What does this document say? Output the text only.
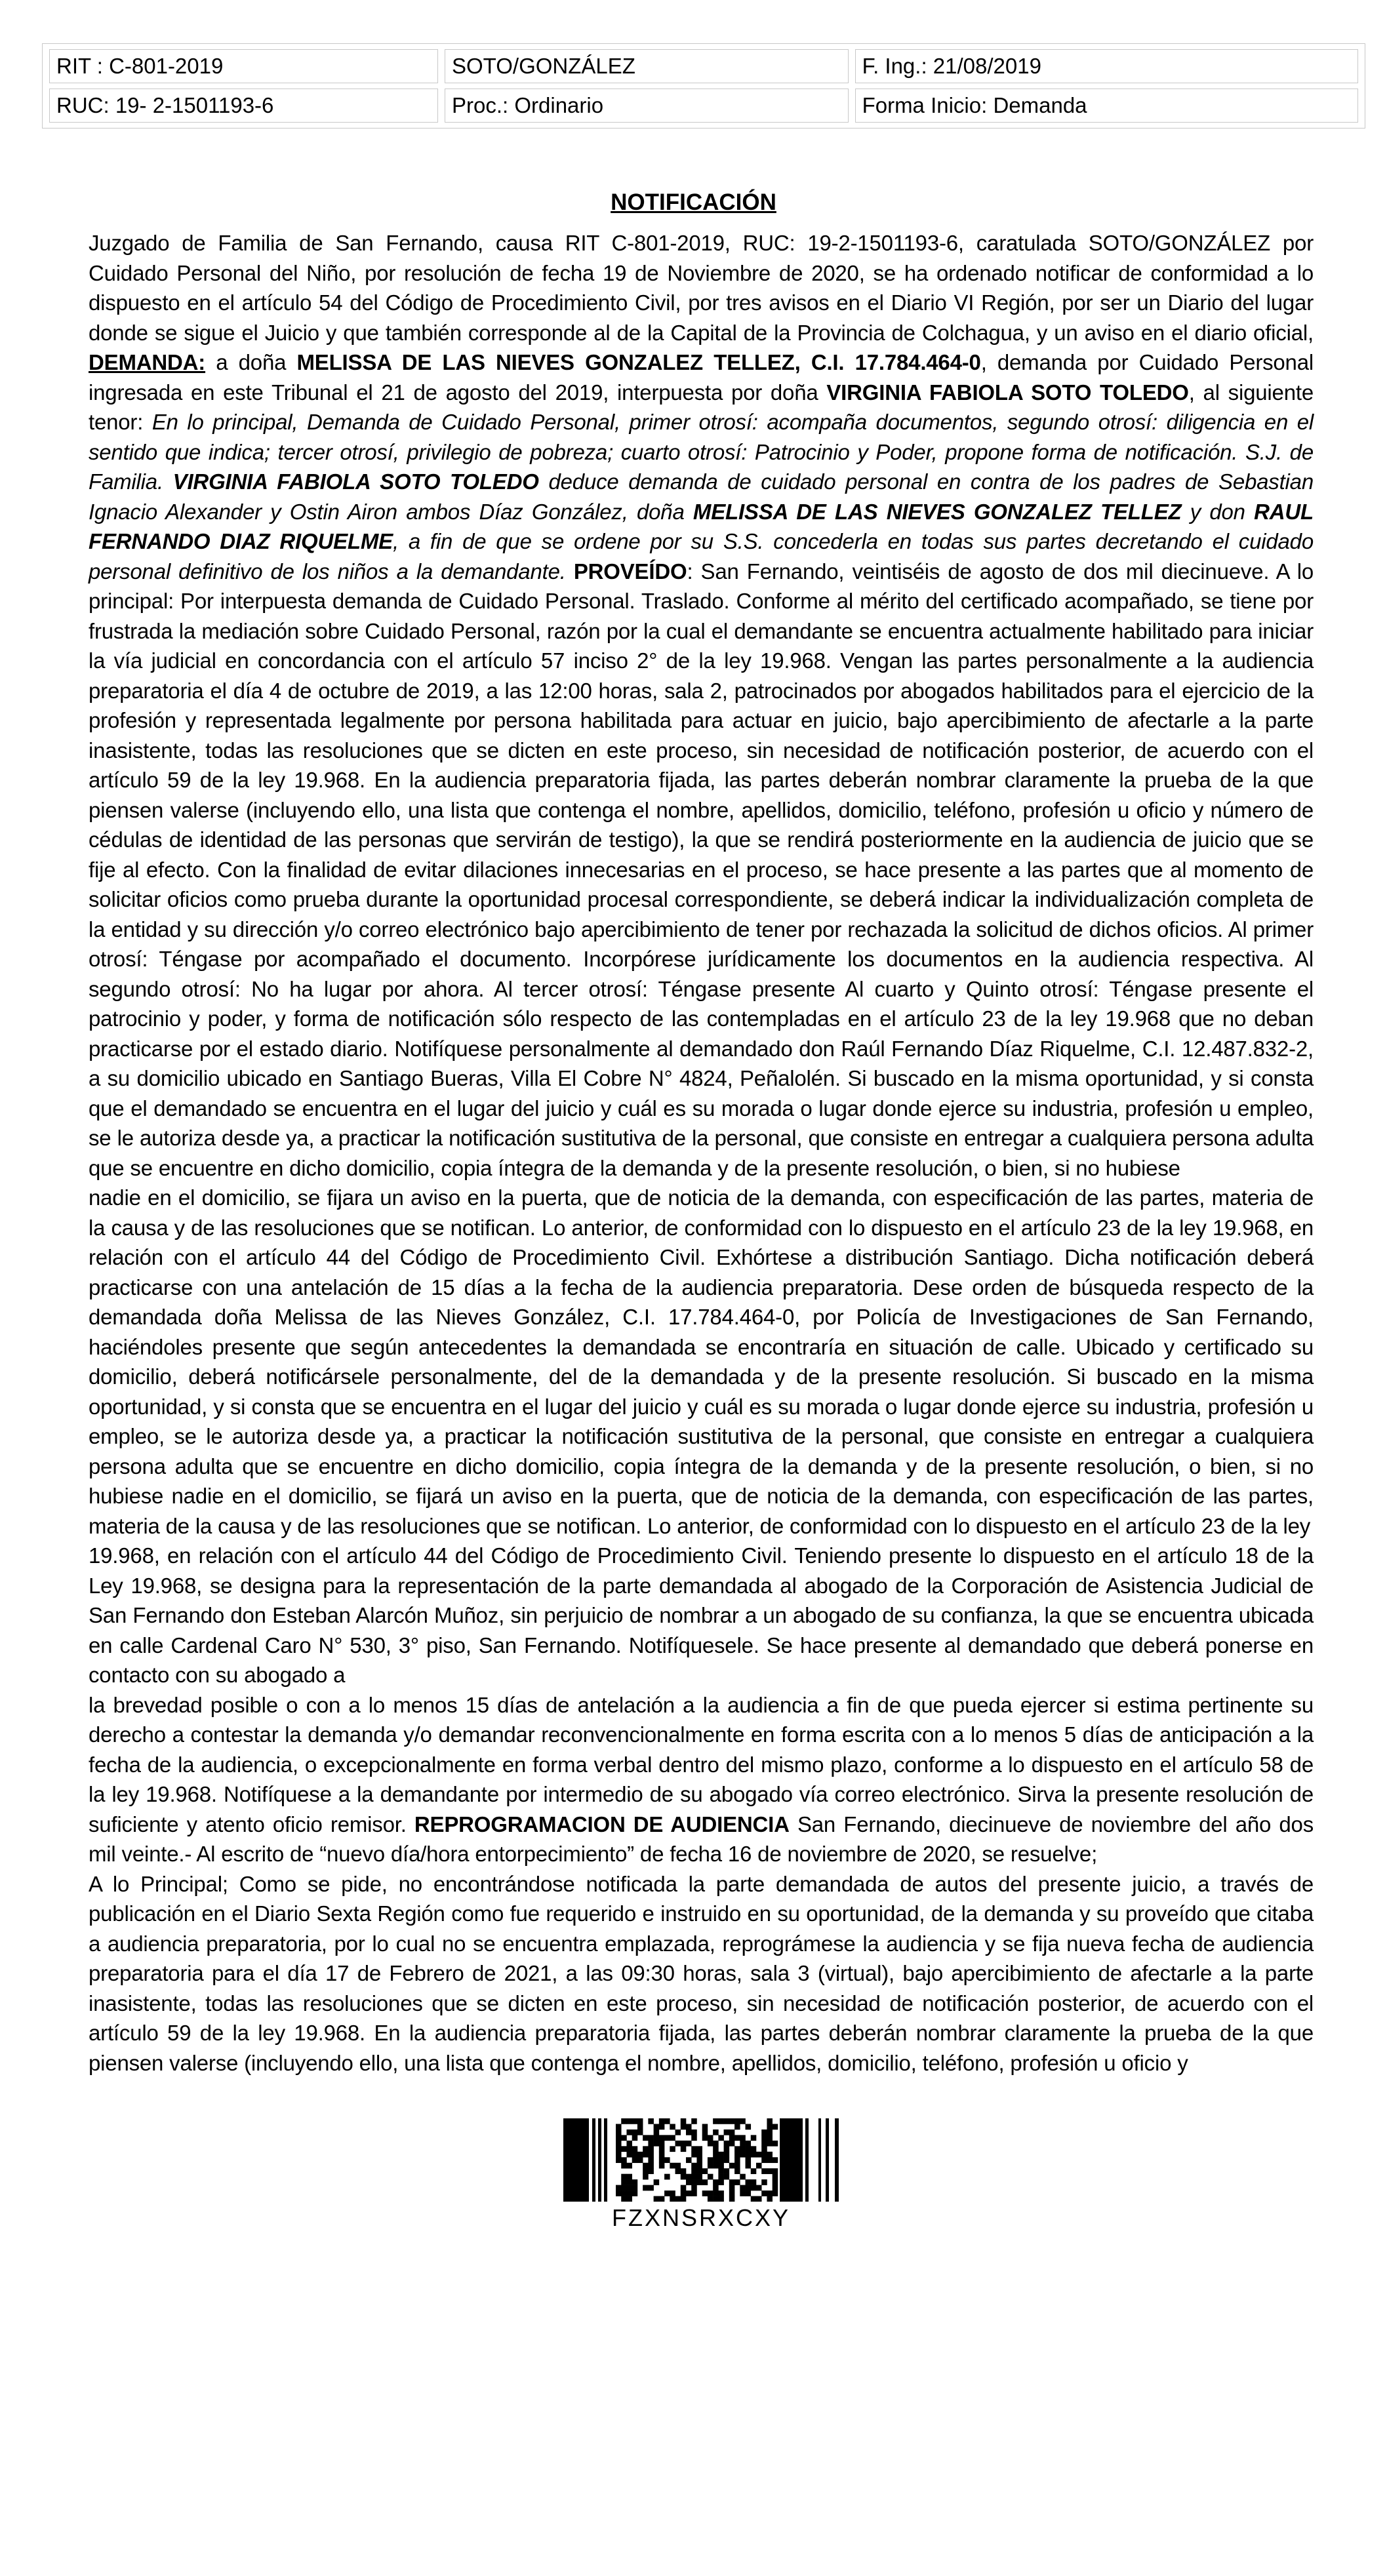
RIT : C-801-2019	SOTO/GONZÁLEZ	F. Ing.: 21/08/2019
RUC: 19- 2-1501193-6	Proc.: Ordinario	Forma Inicio: Demanda
NOTIFICACIÓN

Juzgado de Familia de San Fernando, causa RIT C-801-2019, RUC: 19-2-1501193-6, caratulada SOTO/GONZÁLEZ por Cuidado Personal del Niño, por resolución de fecha 19 de Noviembre de 2020, se ha ordenado notificar de conformidad a lo dispuesto en el artículo 54 del Código de Procedimiento Civil, por tres avisos en el Diario VI Región, por ser un Diario del lugar donde se sigue el Juicio y que también corresponde al de la Capital de la Provincia de Colchagua, y un aviso en el diario oficial, DEMANDA: a doña MELISSA DE LAS NIEVES GONZALEZ TELLEZ, C.I. 17.784.464-0, demanda por Cuidado Personal ingresada en este Tribunal el 21 de agosto del 2019, interpuesta por doña VIRGINIA FABIOLA SOTO TOLEDO, al siguiente tenor: En lo principal, Demanda de Cuidado Personal, primer otrosí: acompaña documentos, segundo otrosí: diligencia en el sentido que indica; tercer otrosí, privilegio de pobreza; cuarto otrosí: Patrocinio y Poder, propone forma de notificación. S.J. de Familia. VIRGINIA FABIOLA SOTO TOLEDO deduce demanda de cuidado personal en contra de los padres de Sebastian Ignacio Alexander y Ostin Airon ambos Díaz González, doña MELISSA DE LAS NIEVES GONZALEZ TELLEZ y don RAUL FERNANDO DIAZ RIQUELME, a fin de que se ordene por su S.S. concederla en todas sus partes decretando el cuidado personal definitivo de los niños a la demandante. PROVEÍDO: San Fernando, veintiséis de agosto de dos mil diecinueve. A lo principal: Por interpuesta demanda de Cuidado Personal. Traslado. Conforme al mérito del certificado acompañado, se tiene por frustrada la mediación sobre Cuidado Personal, razón por la cual el demandante se encuentra actualmente habilitado para iniciar la vía judicial en concordancia con el artículo 57 inciso 2° de la ley 19.968. Vengan las partes personalmente a la audiencia preparatoria el día 4 de octubre de 2019, a las 12:00 horas, sala 2, patrocinados por abogados habilitados para el ejercicio de la profesión y representada legalmente por persona habilitada para actuar en juicio, bajo apercibimiento de afectarle a la parte inasistente, todas las resoluciones que se dicten en este proceso, sin necesidad de notificación posterior, de acuerdo con el artículo 59 de la ley 19.968. En la audiencia preparatoria fijada, las partes deberán nombrar claramente la prueba de la que piensen valerse (incluyendo ello, una lista que contenga el nombre, apellidos, domicilio, teléfono, profesión u oficio y número de cédulas de identidad de las personas que servirán de testigo), la que se rendirá posteriormente en la audiencia de juicio que se fije al efecto. Con la finalidad de evitar dilaciones innecesarias en el proceso, se hace presente a las partes que al momento de solicitar oficios como prueba durante la oportunidad procesal correspondiente, se deberá indicar la individualización completa de la entidad y su dirección y/o correo electrónico bajo apercibimiento de tener por rechazada la solicitud de dichos oficios. Al primer otrosí: Téngase por acompañado el documento. Incorpórese jurídicamente los documentos en la audiencia respectiva. Al segundo otrosí: No ha lugar por ahora. Al tercer otrosí: Téngase presente Al cuarto y Quinto otrosí: Téngase presente el patrocinio y poder, y forma de notificación sólo respecto de las contempladas en el artículo 23 de la ley 19.968 que no deban practicarse por el estado diario. Notifíquese personalmente al demandado don Raúl Fernando Díaz Riquelme, C.I. 12.487.832-2, a su domicilio ubicado en Santiago Bueras, Villa El Cobre N° 4824, Peñalolén. Si buscado en la misma oportunidad, y si consta que el demandado se encuentra en el lugar del juicio y cuál es su morada o lugar donde ejerce su industria, profesión u empleo, se le autoriza desde ya, a practicar la notificación sustitutiva de la personal, que consiste en entregar a cualquiera persona adulta que se encuentre en dicho domicilio, copia íntegra de la demanda y de la presente resolución, o bien, si no hubiese

nadie en el domicilio, se fijara un aviso en la puerta, que de noticia de la demanda, con especificación de las partes, materia de la causa y de las resoluciones que se notifican. Lo anterior, de conformidad con lo dispuesto en el artículo 23 de la ley 19.968, en relación con el artículo 44 del Código de Procedimiento Civil. Exhórtese a distribución Santiago. Dicha notificación deberá practicarse con una antelación de 15 días a la fecha de la audiencia preparatoria. Dese orden de búsqueda respecto de la demandada doña Melissa de las Nieves González, C.I. 17.784.464-0, por Policía de Investigaciones de San Fernando, haciéndoles presente que según antecedentes la demandada se encontraría en situación de calle. Ubicado y certificado su domicilio, deberá notificársele personalmente, del de la demandada y de la presente resolución. Si buscado en la misma oportunidad, y si consta que se encuentra en el lugar del juicio y cuál es su morada o lugar donde ejerce su industria, profesión u empleo, se le autoriza desde ya, a practicar la notificación sustitutiva de la personal, que consiste en entregar a cualquiera persona adulta que se encuentre en dicho domicilio, copia íntegra de la demanda y de la presente resolución, o bien, si no hubiese nadie en el domicilio, se fijará un aviso en la puerta, que de noticia de la demanda, con especificación de las partes, materia de la causa y de las resoluciones que se notifican. Lo anterior, de conformidad con lo dispuesto en el artículo 23 de la ley

19.968, en relación con el artículo 44 del Código de Procedimiento Civil. Teniendo presente lo dispuesto en el artículo 18 de la Ley 19.968, se designa para la representación de la parte demandada al abogado de la Corporación de Asistencia Judicial de San Fernando don Esteban Alarcón Muñoz, sin perjuicio de nombrar a un abogado de su confianza, la que se encuentra ubicada en calle Cardenal Caro N° 530, 3° piso, San Fernando. Notifíquesele. Se hace presente al demandado que deberá ponerse en contacto con su abogado a

la brevedad posible o con a lo menos 15 días de antelación a la audiencia a fin de que pueda ejercer si estima pertinente su derecho a contestar la demanda y/o demandar reconvencionalmente en forma escrita con a lo menos 5 días de anticipación a la fecha de la audiencia, o excepcionalmente en forma verbal dentro del mismo plazo, conforme a lo dispuesto en el artículo 58 de la ley 19.968. Notifíquese a la demandante por intermedio de su abogado vía correo electrónico. Sirva la presente resolución de suficiente y atento oficio remisor. REPROGRAMACION DE AUDIENCIA San Fernando, diecinueve de noviembre del año dos mil veinte.- Al escrito de “nuevo día/hora entorpecimiento” de fecha 16 de noviembre de 2020, se resuelve;

A lo Principal; Como se pide, no encontrándose notificada la parte demandada de autos del presente juicio, a través de publicación en el Diario Sexta Región como fue requerido e instruido en su oportunidad, de la demanda y su proveído que citaba a audiencia preparatoria, por lo cual no se encuentra emplazada, reprográmese la audiencia y se fija nueva fecha de audiencia preparatoria para el día 17 de Febrero de 2021, a las 09:30 horas, sala 3 (virtual), bajo apercibimiento de afectarle a la parte inasistente, todas las resoluciones que se dicten en este proceso, sin necesidad de notificación posterior, de acuerdo con el artículo 59 de la ley 19.968. En la audiencia preparatoria fijada, las partes deberán nombrar claramente la prueba de la que piensen valerse (incluyendo ello, una lista que contenga el nombre, apellidos, domicilio, teléfono, profesión u oficio y

FZXNSRXCXY
